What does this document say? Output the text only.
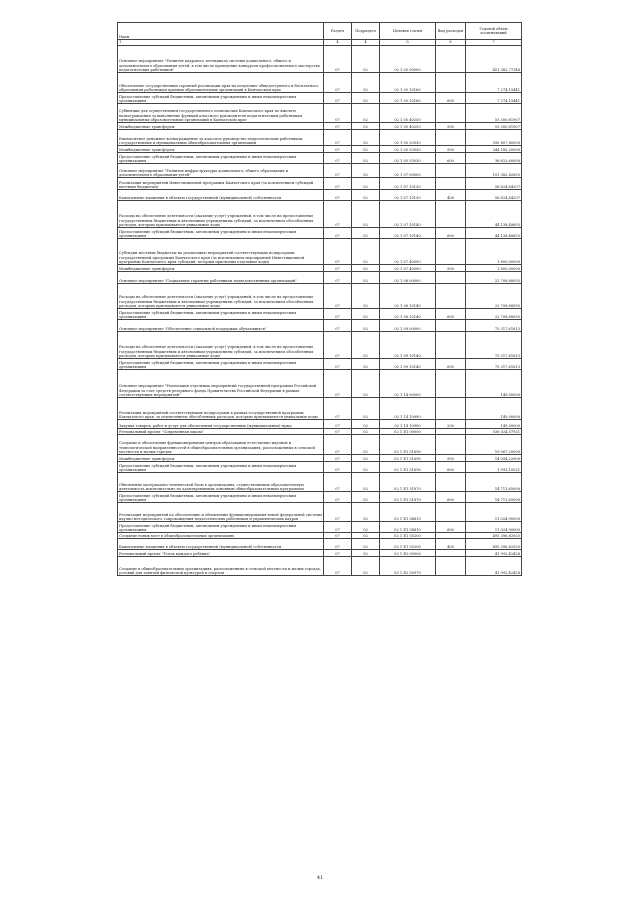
Наим	Раздел	Подраздел	Целевая статья	Вид расходов	Годовой объем ассигнований
1	4	4	5	6	7
Основное мероприятие "Развитие кадрового потенциала системы дошкольного, общего и дополнительного образования детей, в том числе проведение конкурсов профессионального мастерства педагогических работников"	07	02	02 1 05 00000		451 382,77348
Обеспечение государственных гарантий реализации прав на получение общедоступного и бесплатного образования работникам краевых образовательных организаций в Камчатском крае	07	02	02 1 05 10160		7 274,15441
Предоставление субсидий бюджетным, автономным учреждениям и иным некоммерческим организациям	07	02	02 1 05 10160	600	7 274,15441
Субвенции для осуществления государственного полномочия Камчатского края по выплате вознаграждения за выполнение функций классного руководителя педагогическим работникам муниципальных образовательных организаций в Камчатском крае	07	02	02 1 05 40250		53 300,81907
Межбюджетные трансферты	07	02	02 1 05 40250	500	53 300,81907
Ежемесячное денежное вознаграждение за классное руководство педагогическим работникам государственных и муниципальных общеобразовательных организаций	07	02	02 1 05 53030		390 807,80000
Межбюджетные трансферты	07	02	02 1 05 53030	500	344 185,20000
Предоставление субсидий бюджетным, автономным учреждениям и иным некоммерческим организациям	07	02	02 1 05 53030	600	36 622,60000
Основное мероприятие "Развитие инфраструктуры дошкольного, общего образования и дополнительного образования детей"	07	02	02 1 07 00000		101 382,82855
Реализация мероприятий Инвестиционной программы Камчатского края (за исключением субсидий местным бюджетам)	07	02	02 1 07 10130		56 824,84207
Капитальные вложения в объекты государственной (муниципальной) собственности	07	02	02 1 07 10130	400	56 824,84207
Расходы на обеспечение деятельности (оказание услуг) учреждений, в том числе на предоставление государственным бюджетным и автономным учреждениям субсидий, за исключением обособленных расходов, которым присваиваются уникальные коды	07	02	02 1 07 10140		44 138,48855
Предоставление субсидий бюджетным, автономным учреждениям и иным некоммерческим организациям	07	02	02 1 07 10140	600	44 138,48855
Субсидии местным бюджетам на реализацию мероприятий соответствующих подпрограмм государственной программы Камчатского края (за исключением мероприятий Инвестиционной программы Камчатского края субсидий, которым присвоены отдельные коды)	07	02	02 1 07 40090		1 800,00000
Межбюджетные трансферты	07	02	02 1 07 40090	500	1 800,00000
Основное мероприятие "Социальные гарантии работникам подведомственных организаций"	07	02	02 1 08 00000		22 708,88955
Расходы на обеспечение деятельности (оказание услуг) учреждений, в том числе на предоставление государственным бюджетным и автономным учреждениям субсидий, за исключением обособленных расходов, которым присваиваются уникальные коды	07	02	02 1 08 10140		22 708,88955
Предоставление субсидий бюджетным, автономным учреждениям и иным некоммерческим организациям	07	02	02 1 08 10140	600	22 708,88955
Основное мероприятие "Обеспечение социальной поддержки обучающихся"	07	02	02 1 09 00000		75 317,61613
Расходы на обеспечение деятельности (оказание услуг) учреждений, в том числе на предоставление государственным бюджетным и автономным учреждениям субсидий, за исключением обособленных расходов, которым присваиваются уникальные коды	07	02	02 1 09 10140		75 317,61613
Предоставление субсидий бюджетным, автономным учреждениям и иным некоммерческим организациям	07	02	02 1 09 10140	600	75 317,61613
Основное мероприятие "Реализация отдельных мероприятий государственной программы Российской Федерации за счет средств резервного фонда Правительства Российской Федерации в рамках соответствующих мероприятий"	07	02	02 1 14 00000		149,00000
Реализация мероприятий соответствующих подпрограмм в рамках государственной программы Камчатского края, за исключением обособленных расходов, которым присваиваются уникальные коды	07	02	02 1 14 10990		149,00000
Закупка товаров, работ и услуг для обеспечения государственных (муниципальных) нужд	07	02	02 1 14 10990	200	149,00000
Региональный проект "Современная школа"	07	02	02 1 E1 00000		536 024,57921
Создание и обеспечение функционирования центров образования естественно-научной и технологической направленностей в общеобразовательных организациях, расположенных в сельской местности и малых городах	07	02	02 1 E1 51690		19 067,20000
Межбюджетные трансферты	07	02	02 1 E1 51690	500	14 094,22900
Предоставление субсидий бюджетным, автономным учреждениям и иным некоммерческим организациям	07	02	02 1 E1 51690	600	1 993,10021
Обновление материально-технической базы в организациях, осуществляющих образовательную деятельность исключительно по адаптированным основным общеобразовательным программам	07	02	02 1 E1 51870		14 711,65000
Предоставление субсидий бюджетным, автономным учреждениям и иным некоммерческим организациям	07	02	02 1 E1 51870	600	14 711,65000
Реализация мероприятий по обеспечению и обновлению функционирования новой федеральной системы научно-методического сопровождения педагогических работников и управленческих кадров	07	02	02 1 E1 54810		11 024,90000
Предоставление субсидий бюджетным, автономным учреждениям и иным некоммерческим организациям	07	02	02 1 E1 54810	600	11 024,90000
Создание новых мест в общеобразовательных организациях	07	02	02 1 E1 55200		495 396,62925
Капитальные вложения в объекты государственной (муниципальной) собственности	07	02	02 1 E1 55200	400	495 396,62925
Региональный проект "Успех каждого ребенка"	07	02	02 1 E2 00000		41 992,42428
Создание в общеобразовательных организациях, расположенных в сельской местности и малых городах, условий для занятий физической культурой и спортом	07	02	02 1 E2 50970		41 992,42428
41
